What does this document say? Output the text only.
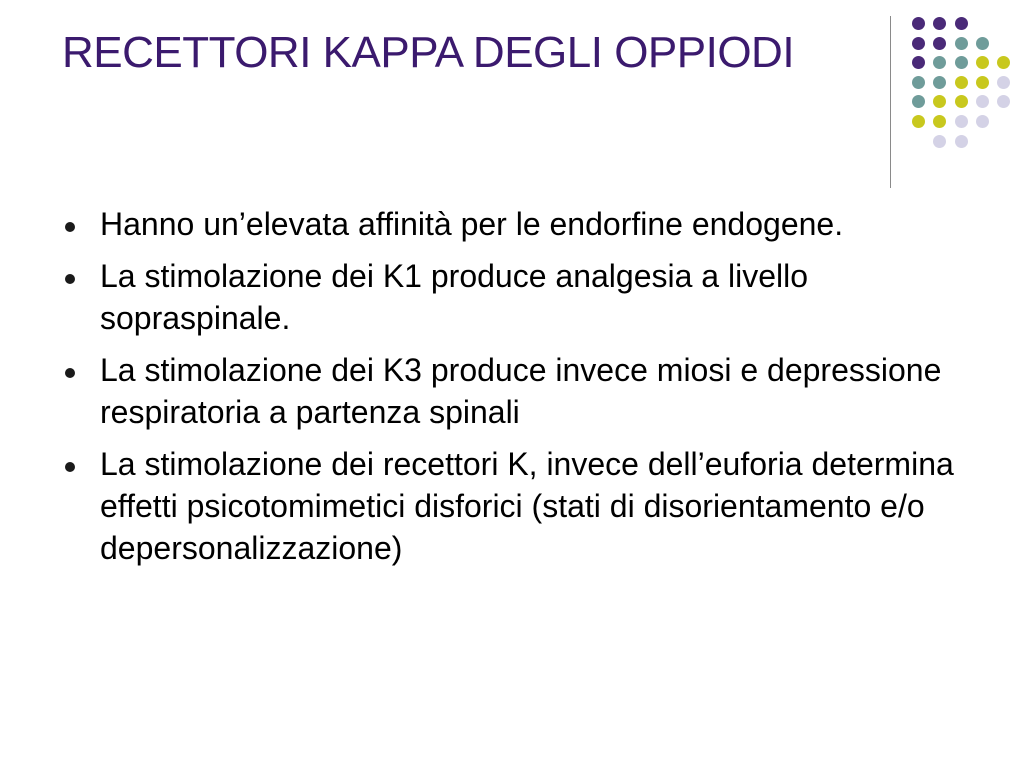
RECETTORI KAPPA DEGLI OPPIODI
Hanno un’elevata affinità per le endorfine endogene.
La stimolazione dei K1 produce analgesia a livello sopraspinale.
La stimolazione dei K3 produce invece miosi e depressione respiratoria a partenza spinali
La stimolazione dei recettori K, invece dell’euforia determina effetti psicotomimetici disforici (stati di disorientamento e/o depersonalizzazione)
